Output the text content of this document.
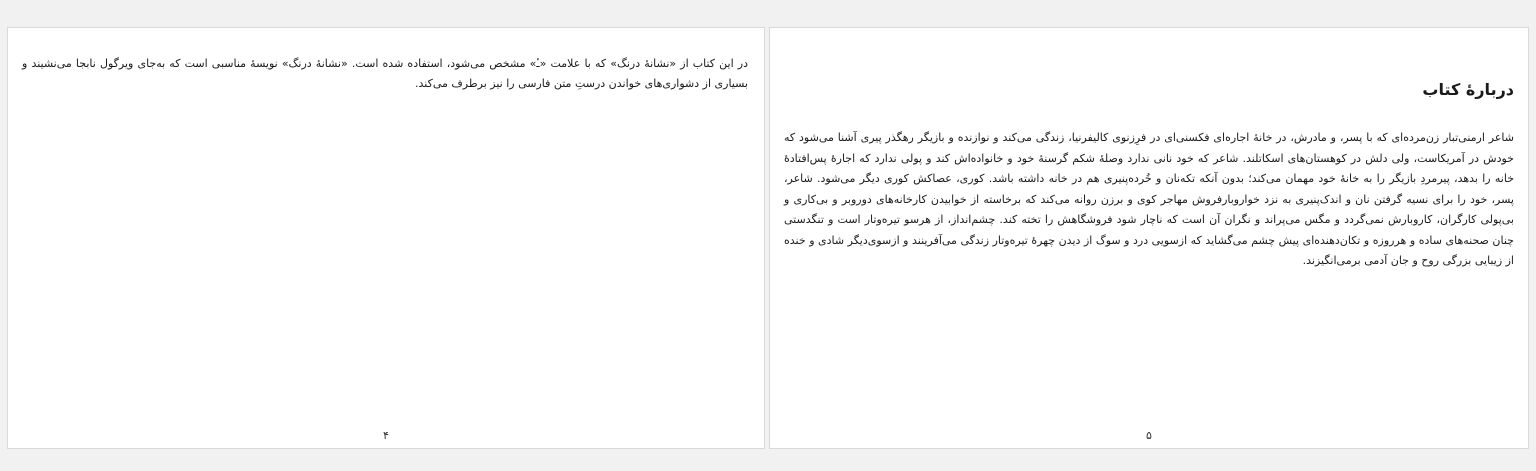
در این کتاب از «نشانۀ درنگ» که با علامت «ـٔ» مشخص می‌شود، استفاده شده است. «نشانۀ درنگ» نویسۀ مناسبی است که به‌جای ویرگول نابجا می‌نشیند و بسیاری از دشواری‌های خواندن درستِ متن فارسی را نیز برطرف می‌کند.

۴
دربارۀ کتاب

شاعر ارمنی‌تبار زن‌مرده‌ای که با پسر، و مادرش، در خانۀ اجاره‌ای فکسنی‌ای در فرِزنوی کالیفرنیا، زندگی می‌کند و نوازنده و بازیگر رهگذر پیری آشنا می‌شود که خودش در آمریکاست، ولی دلش در کوهستان‌های اسکاتلند. شاعر که خود نانی ندارد وصلۀ شکم گرسنۀ خود و خانواده‌اش کند و پولی ندارد که اجارۀ پس‌افتادۀ خانه را بدهد، پیرمردِ بازیگر را به خانۀ خود مهمان می‌کند؛ بدون آنکه تکه‌نان و خُرده‌پنیری هم در خانه داشته باشد. کوری، عصاکش کوری دیگر می‌شود. شاعر، پسر، خود را برای نسیه گرفتن نان و اندک‌پنیری به نزد خواروبارفروش مهاجر کوی و برزن روانه می‌کند که برخاسته از خوابیدن کارخانه‌های دوروبر و بی‌کاری و بی‌پولی کارگران، کاروبارش نمی‌گردد و مگس می‌پراند و نگران آن است که ناچار شود فروشگاهش را تخته کند. چشم‌انداز، از هرسو تیره‌وتار است و تنگدستی چنان صحنه‌های ساده و هرروزه و تکان‌دهنده‌ای پیش چشم می‌گشاید که ازسویی درد و سوگ از دیدن چهرۀ تیره‌وتار زندگی می‌آفرینند و ازسوی‌دیگر شادی و خنده از زیبایی بزرگی روح و جان آدمی برمی‌انگیزند.

۵
